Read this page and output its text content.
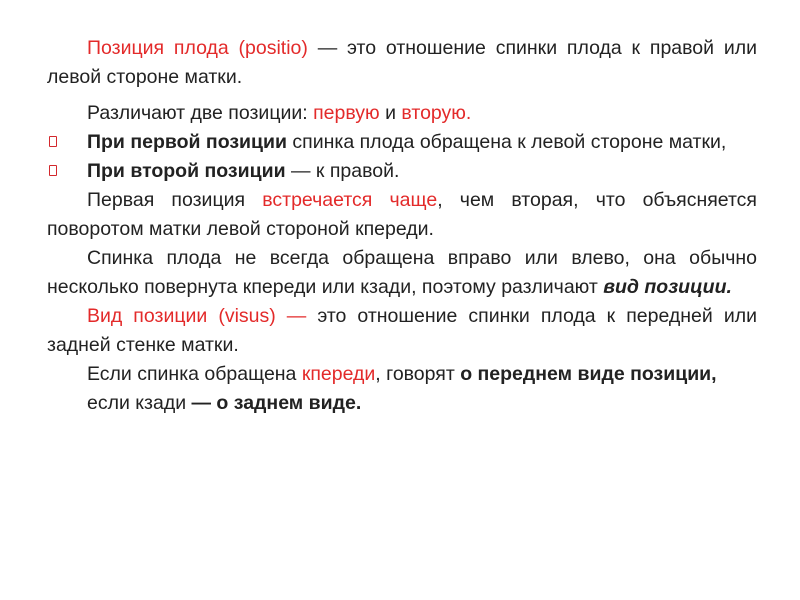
Позиция плода (positio) — это отношение спинки плода к правой или левой стороне матки.

Различают две позиции: первую и вторую.

При первой позиции спинка плода обращена к левой стороне матки,

При второй позиции — к правой.

Первая позиция встречается чаще, чем вторая, что объясняется поворотом матки левой стороной кпереди.

Спинка плода не всегда обращена вправо или влево, она обычно несколько повернута кпереди или кзади, поэтому различают вид позиции.

Вид позиции (visus) — это отношение спинки плода к передней или задней стенке матки.

Если спинка обращена кпереди, говорят о переднем виде позиции,

если кзади — о заднем виде.
